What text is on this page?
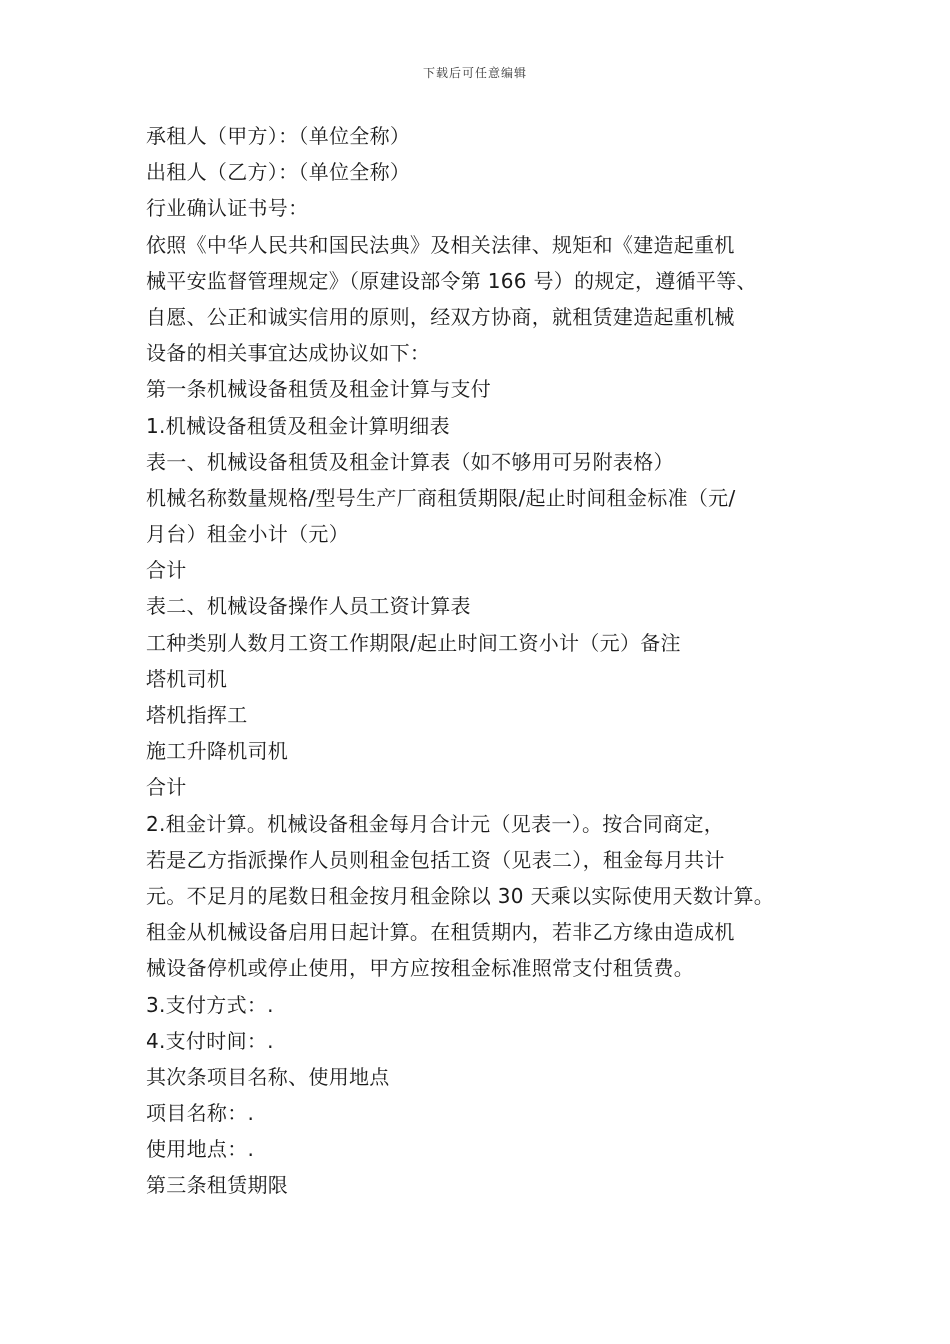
下载后可任意编辑
承租人（甲方）：（单位全称）
出租人（乙方）：（单位全称）
行业确认证书号：
依照《中华人民共和国民法典》及相关法律、规矩和《建造起重机
械平安监督管理规定》（原建设部令第 166 号）的规定，遵循平等、
自愿、公正和诚实信用的原则，经双方协商，就租赁建造起重机械
设备的相关事宜达成协议如下：
第一条机械设备租赁及租金计算与支付
1.机械设备租赁及租金计算明细表
表一、机械设备租赁及租金计算表（如不够用可另附表格）
机械名称数量规格/型号生产厂商租赁期限/起止时间租金标准（元/
月台）租金小计（元）
合计
表二、机械设备操作人员工资计算表
工种类别人数月工资工作期限/起止时间工资小计（元）备注
塔机司机
塔机指挥工
施工升降机司机
合计
2.租金计算。机械设备租金每月合计元（见表一）。按合同商定，
若是乙方指派操作人员则租金包括工资（见表二），租金每月共计
元。不足月的尾数日租金按月租金除以 30 天乘以实际使用天数计算。
租金从机械设备启用日起计算。在租赁期内，若非乙方缘由造成机
械设备停机或停止使用，甲方应按租金标准照常支付租赁费。
3.支付方式：.
4.支付时间：.
其次条项目名称、使用地点
项目名称：.
使用地点：.
第三条租赁期限
